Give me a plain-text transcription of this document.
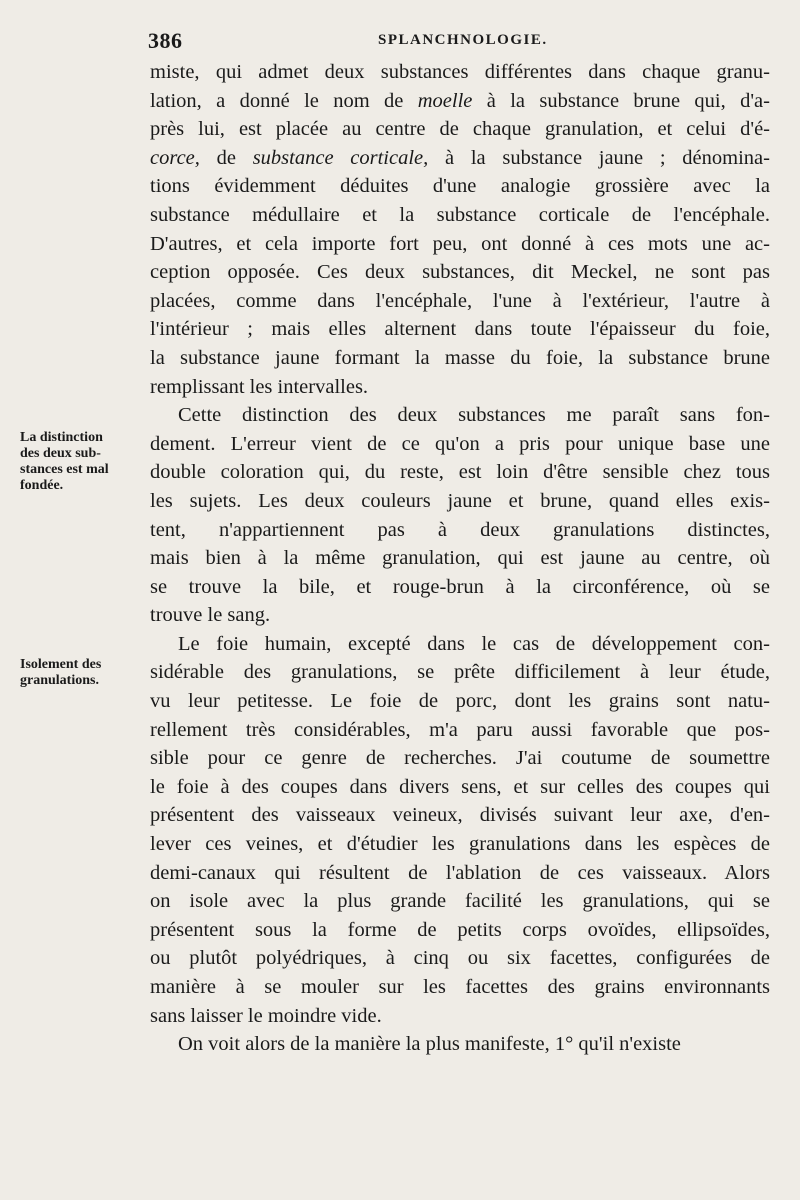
386	SPLANCHNOLOGIE.
La distinction
des deux sub-
stances est mal
fondée.
Isolement des
granulations.
miste, qui admet deux substances différentes dans chaque granu-
lation, a donné le nom de moelle à la substance brune qui, d'a-
près lui, est placée au centre de chaque granulation, et celui d'é-
corce, de substance corticale, à la substance jaune ; dénomina-
tions évidemment déduites d'une analogie grossière avec la
substance médullaire et la substance corticale de l'encéphale.
D'autres, et cela importe fort peu, ont donné à ces mots une ac-
ception opposée. Ces deux substances, dit Meckel, ne sont pas
placées, comme dans l'encéphale, l'une à l'extérieur, l'autre à
l'intérieur ; mais elles alternent dans toute l'épaisseur du foie,
la substance jaune formant la masse du foie, la substance brune
remplissant les intervalles.
Cette distinction des deux substances me paraît sans fon-
dement. L'erreur vient de ce qu'on a pris pour unique base une
double coloration qui, du reste, est loin d'être sensible chez tous
les sujets. Les deux couleurs jaune et brune, quand elles exis-
tent, n'appartiennent pas à deux granulations distinctes,
mais bien à la même granulation, qui est jaune au centre, où
se trouve la bile, et rouge-brun à la circonférence, où se
trouve le sang.
Le foie humain, excepté dans le cas de développement con-
sidérable des granulations, se prête difficilement à leur étude,
vu leur petitesse. Le foie de porc, dont les grains sont natu-
rellement très considérables, m'a paru aussi favorable que pos-
sible pour ce genre de recherches. J'ai coutume de soumettre
le foie à des coupes dans divers sens, et sur celles des coupes qui
présentent des vaisseaux veineux, divisés suivant leur axe, d'en-
lever ces veines, et d'étudier les granulations dans les espèces de
demi-canaux qui résultent de l'ablation de ces vaisseaux. Alors
on isole avec la plus grande facilité les granulations, qui se
présentent sous la forme de petits corps ovoïdes, ellipsoïdes,
ou plutôt polyédriques, à cinq ou six facettes, configurées de
manière à se mouler sur les facettes des grains environnants
sans laisser le moindre vide.
On voit alors de la manière la plus manifeste, 1° qu'il n'existe
